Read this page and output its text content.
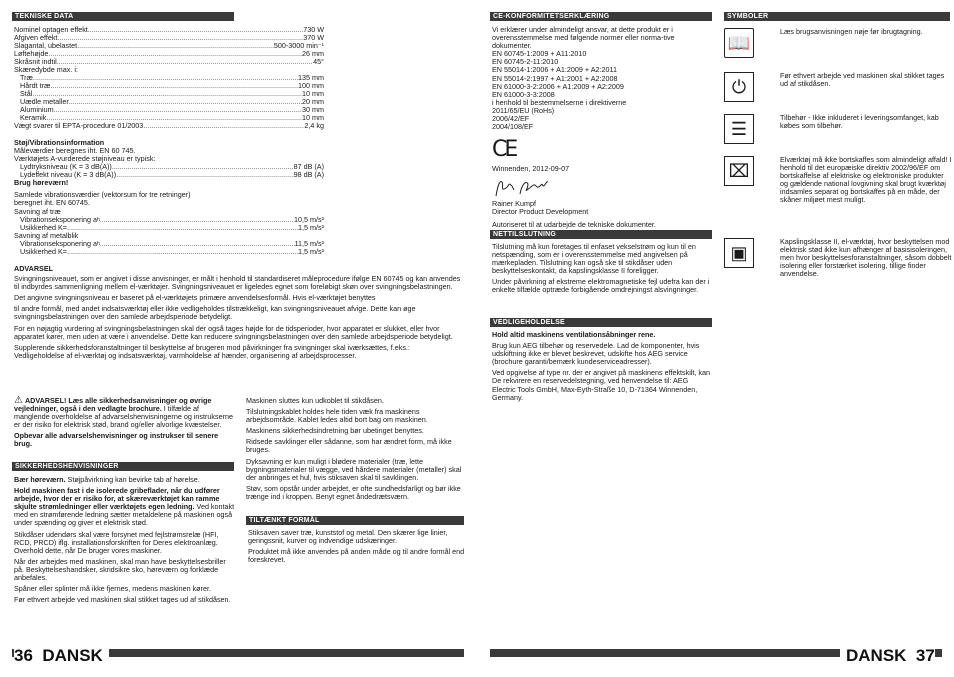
TEKNISKE DATA
Nominel optagen effekt .....	730 W
Afgiven effekt .....	370 W
Slagantal, ubelastet .....	500-3000 min⁻¹
Løftehøjde .....	26 mm
Skråsnit indtil .....	45°
Skæredybde max. i:
Træ .....	135 mm
Hårdt træ .....	100 mm
Stål .....	10 mm
Uædle metaller .....	20 mm
Aluminium .....	30 mm
Keramik .....	10 mm
Vægt svarer til EPTA-procedure 01/2003 .....	2,4 kg
Støj/Vibrationsinformation
Måleværdier beregnes iht. EN 60 745.
Værktøjets A-vurderede støjniveau er typisk:
Lydtryksniveau (K = 3 dB(A)) .....	87 dB (A)
Lydeffekt niveau (K = 3 dB(A)) .....	98 dB (A)
Brug høreværn!
Samlede vibrationsværdier (vektorsum for tre retninger)
beregnet iht. EN 60745.
Savning af træ
Vibrationseksponering a h .....	10,5 m/s²
Usikkerhed K= .....	1,5 m/s²
Savning af metalblik
Vibrationseksponering a h .....	11,5 m/s²
Usikkerhed K= .....	1,5 m/s²

ADVARSEL

Svingningsniveauet, som er angivet i disse anvisninger, er målt i henhold til standardiseret måleprocedure ifølge EN 60745 og kan anvendes til indbyrdes sammenligning mellem el-værktøjer. Svingningsniveauet er ligeledes egnet som foreløbigt skøn over svingningsbelastningen.

Det angivne svingningsniveau er baseret på el-værktøjets primære anvendelsesformål. Hvis el-værktøjet benyttes

til andre formål, med andet indsatsværktøj eller ikke vedligeholdes tilstrækkeligt, kan svingningsniveauet afvige. Dette kan øge svingningsbelastningen over den samlede arbejdsperiode betydeligt.

For en nøjagtig vurdering af svingningsbelastningen skal der også tages højde for de tidsperioder, hvor apparatet er slukket, eller hvor apparatet kører, men uden at være i anvendelse. Dette kan reducere svingningsbelastningen over den samlede arbejdsperiode betydeligt.

Supplerende sikkerhedsforanstaltninger til beskyttelse af brugeren mod påvirkninger fra svingninger skal iværksættes, f.eks.: Vedligeholdelse af el-værktøj og indsatsværktøj, varmholdelse af hænder, organisering af arbejdsprocesser.

⚠ ADVARSEL! Læs alle sikkerhedsanvisninger og øvrige vejledninger, også i den vedlagte brochure. I tilfælde af manglende overholdelse af advarselshenvisningerne og instrukserne er der risiko for elektrisk stød, brand og/eller alvorlige kvæstelser.

Opbevar alle advarselshenvisninger og instrukser til senere brug.

SIKKERHEDSHENVISNINGER

Bær høreværn. Støjpåvirkning kan bevirke tab af hørelse.

Hold maskinen fast i de isolerede gribeflader, når du udfører arbejde, hvor der er risiko for, at skæreværktøjet kan ramme skjulte strømledninger eller værktøjets egen ledning. Ved kontakt med en strømførende ledning sætter metaldelene på maskinen også under spænding og giver et elektrisk stød.

Stikdåser udendørs skal være forsynet med fejlstrømsrelæ (HFI, RCD, PRCD) iflg. installationsforskriften for Deres elektroanlæg. Overhold dette, når De bruger vores maskiner.

Når der arbejdes med maskinen, skal man have beskyttelsesbriller på. Beskyttelseshandsker, skridsikre sko, høreværn og forklæde anbefales.

Spåner eller splinter må ikke fjernes, medens maskinen kører.

Før ethvert arbejde ved maskinen skal stikket tages ud af stikdåsen.

Maskinen sluttes kun udkoblet til stikdåsen.

Tilslutningskablet holdes hele tiden væk fra maskinens arbejdsområde. Kablet ledes altid bort bag om maskinen.

Maskinens sikkerhedsindretning bør ubetinget benyttes.

Ridsede savklinger eller sådanne, som har ændret form, må ikke bruges.

Dyksavning er kun muligt i blødere materialer (træ, lette bygningsmaterialer til vægge, ved hårdere materialer (metaller) skal der anbringes et hul, hvis stiksaven skal til savklingen.

Støv, som opstår under arbejdet, er ofte sundhedsfarligt og bør ikke trænge ind i kroppen. Benyt egnet åndedrætsværn.

TILTÆNKT FORMÅL

Stiksaven saver træ, kunststof og metal. Den skærer lige linier, geringssnit, kurver og indvendige udskæringer.

Produktet må ikke anvendes på anden måde og til andre formål end foreskrevet.

36 DANSK
CE-KONFORMITETSERKLÆRING

Vi erklærer under almindeligt ansvar, at dette produkt er i overensstemmelse med følgende normer eller norma-tive dokumenter.

EN 60745-1:2009 + A11:2010
EN 60745-2-11:2010
EN 55014-1:2006 + A1:2009 + A2:2011
EN 55014-2:1997 + A1:2001 + A2:2008
EN 61000-3-2:2006 + A1:2009 + A2:2009
EN 61000-3-3:2008
i henhold til bestemmelserne i direktiverne
2011/65/EU (RoHs)
2006/42/EF
2004/108/EF
CE

Winnenden, 2012-09-07

Rainer Kumpf

Director Product Development

Autoriseret til at udarbejde de tekniske dokumenter.

NETTILSLUTNING

Tilslutning må kun foretages til enfaset vekselstrøm og kun til en netspænding, som er i overensstemmelse med angivelsen på mærkepladen. Tilslutning kan også ske til stikdåser uden beskyttelseskontakt, da kapslingsklasse II foreligger.

Under påvirkning af ekstreme elektromagnetiske fejl udefra kan der i enkelte tilfælde optræde forbigående omdrejningst alsvingninger.

VEDLIGEHOLDELSE

Hold altid maskinens ventilationsåbninger rene.

Brug kun AEG tilbehør og reservedele. Lad de komponenter, hvis udskiftning ikke er blevet beskrevet, udskifte hos AEG service (brochure garanti/bemærk kundeserviceadresser).

Ved opgivelse af type nr. der er angivet på maskinens effektskilt, kan De rekvirere en reservedelstegning, ved henvendelse til: AEG Electric Tools GmbH, Max-Eyth-Straße 10, D-71364 Winnenden, Germany.

SYMBOLER
📖
Læs brugsanvisningen nøje før ibrugtagning.
⏻
Før ethvert arbejde ved maskinen skal stikket tages ud af stikdåsen.
☰
Tilbehør - Ikke inkluderet i leveringsomfanget, kab købes som tilbehør.
⌧
Elværktøj må ikke bortskaffes som almindeligt affald! I henhold til det europæiske direktiv 2002/96/EF om bortskaffelse af elektriske og elektroniske produkter og gældende national lovgivning skal brugt kværktøj indsamles separat og bortskaffes på en måde, der skåner miljøet mest muligt.
▣
Kapslingsklasse II, el-værktøj, hvor beskyttelsen mod elektrisk stød ikke kun afhænger af basisisoleringen, men hvor beskyttelsesforanstaltninger, såsom dobbelt isolering eller forstærket isolering, tillige finder anvendelse.
DANSK 37
